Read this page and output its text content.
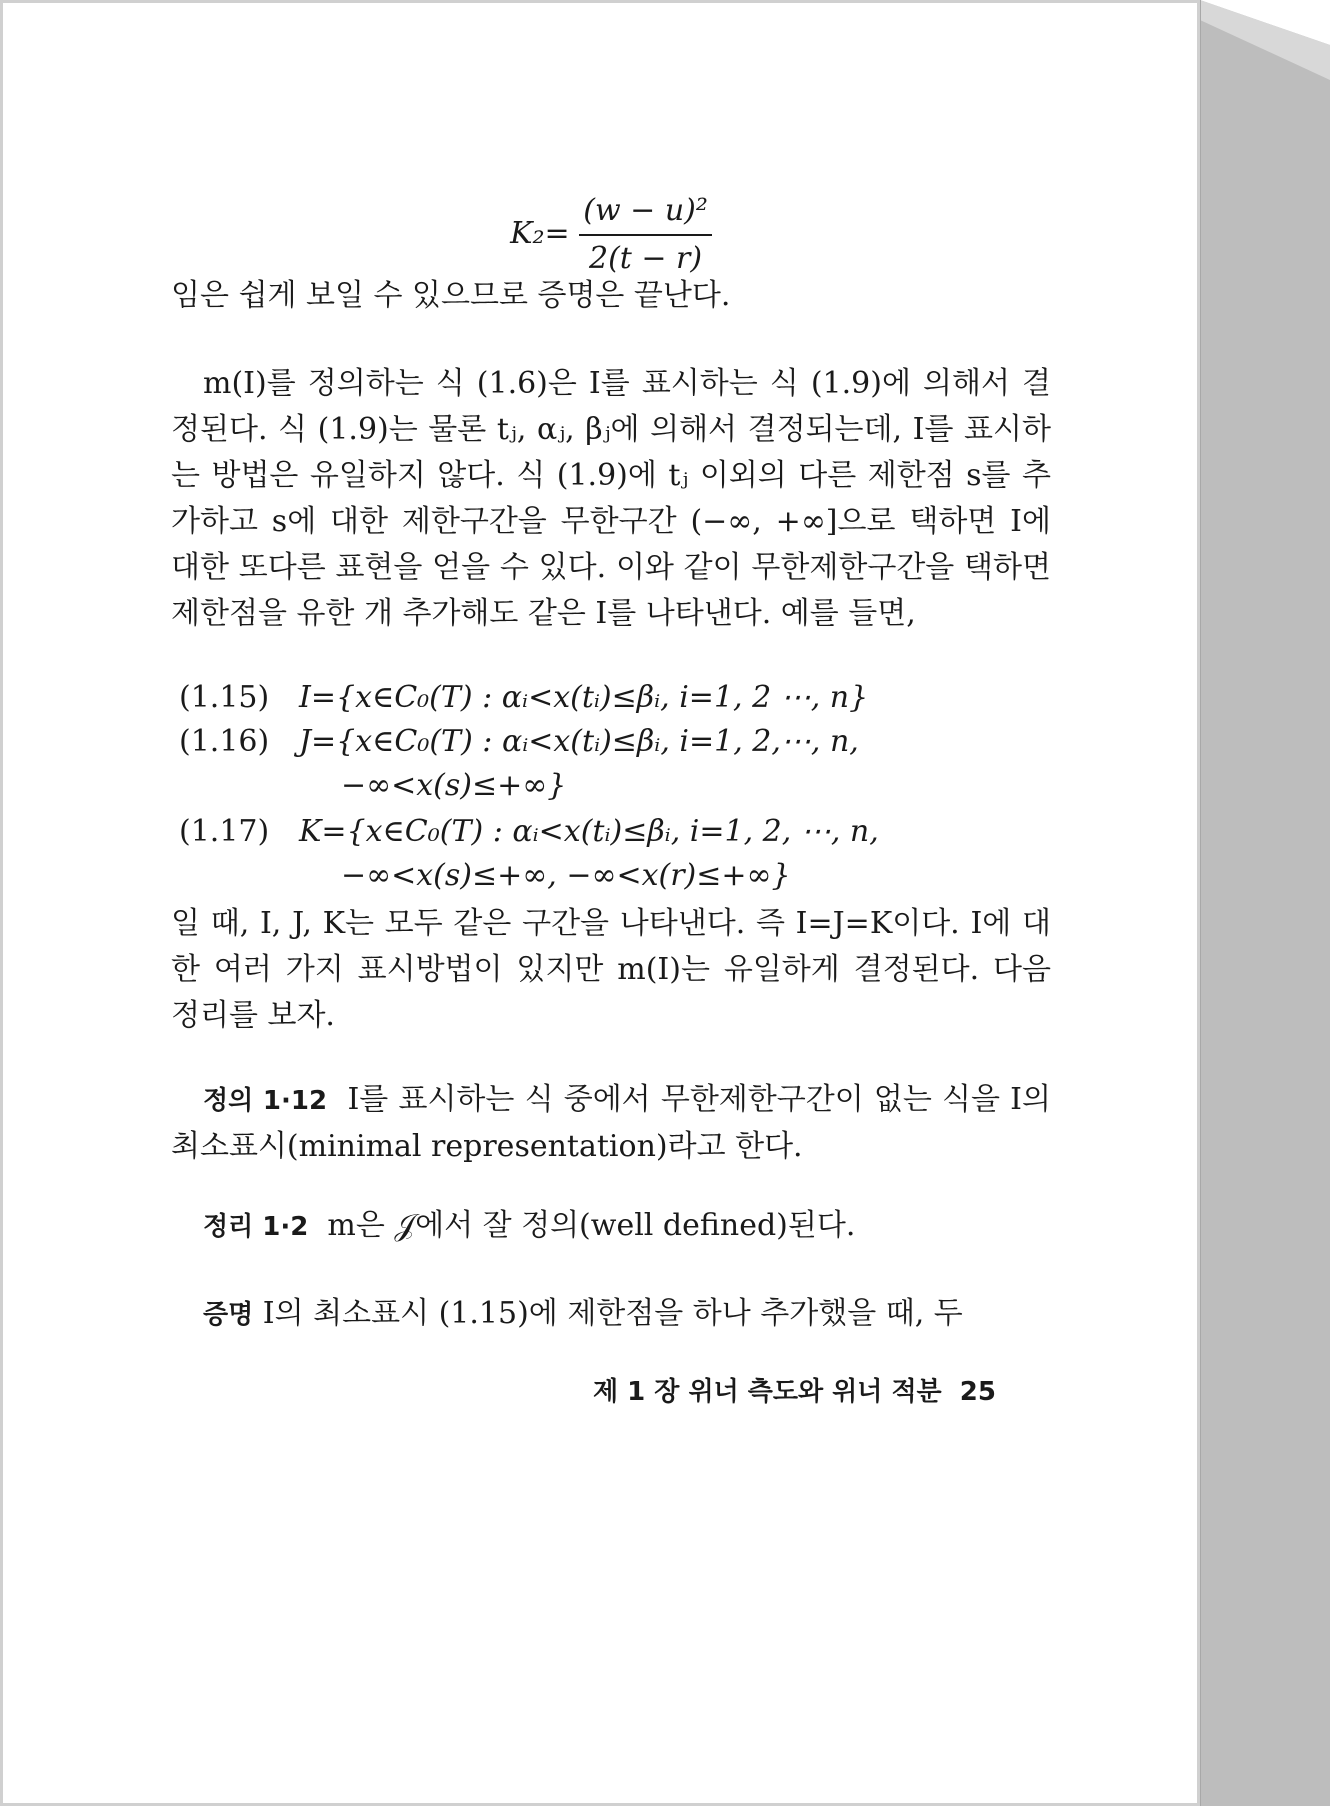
$K_2= \frac{\text{(w − u)²}}{2(t - r)}$
임은 쉽게 보일 수 있으므로 증명은 끝난다.
m(I)를 정의하는 식 (1.6)은 I를 표시하는 식 (1.9)에 의해서 결정된다. 식 (1.9)는 물론 tⱼ, αⱼ, βⱼ에 의해서 결정되는데, I를 표시하는 방법은 유일하지 않다. 식 (1.9)에 tⱼ 이외의 다른 제한점 s를 추가하고 s에 대한 제한구간을 무한구간 (−∞, +∞]으로 택하면 I에 대한 또다른 표현을 얻을 수 있다. 이와 같이 무한제한구간을 택하면 제한점을 유한 개 추가해도 같은 I를 나타낸다. 예를 들면,
(1.15) I={x∈C₀(T) : αᵢ<x(tᵢ)≤βᵢ, i=1, 2 ⋯, n}
(1.16) J={x∈C₀(T) : αᵢ<x(tᵢ)≤βᵢ, i=1, 2,⋯, n,
−∞<x(s)≤+∞}
(1.17) K={x∈C₀(T) : αᵢ<x(tᵢ)≤βᵢ, i=1, 2, ⋯, n,
−∞<x(s)≤+∞, −∞<x(r)≤+∞}
일 때, I, J, K는 모두 같은 구간을 나타낸다. 즉 I=J=K이다. I에 대한 여러 가지 표시방법이 있지만 m(I)는 유일하게 결정된다. 다음 정리를 보자.
정의 1·12 I를 표시하는 식 중에서 무한제한구간이 없는 식을 I의 최소표시(minimal representation)라고 한다.
정리 1·2 m은 𝒥에서 잘 정의(well defined)된다.
증명 I의 최소표시 (1.15)에 제한점을 하나 추가했을 때, 두
제 1 장 위너 측도와 위너 적분 25
